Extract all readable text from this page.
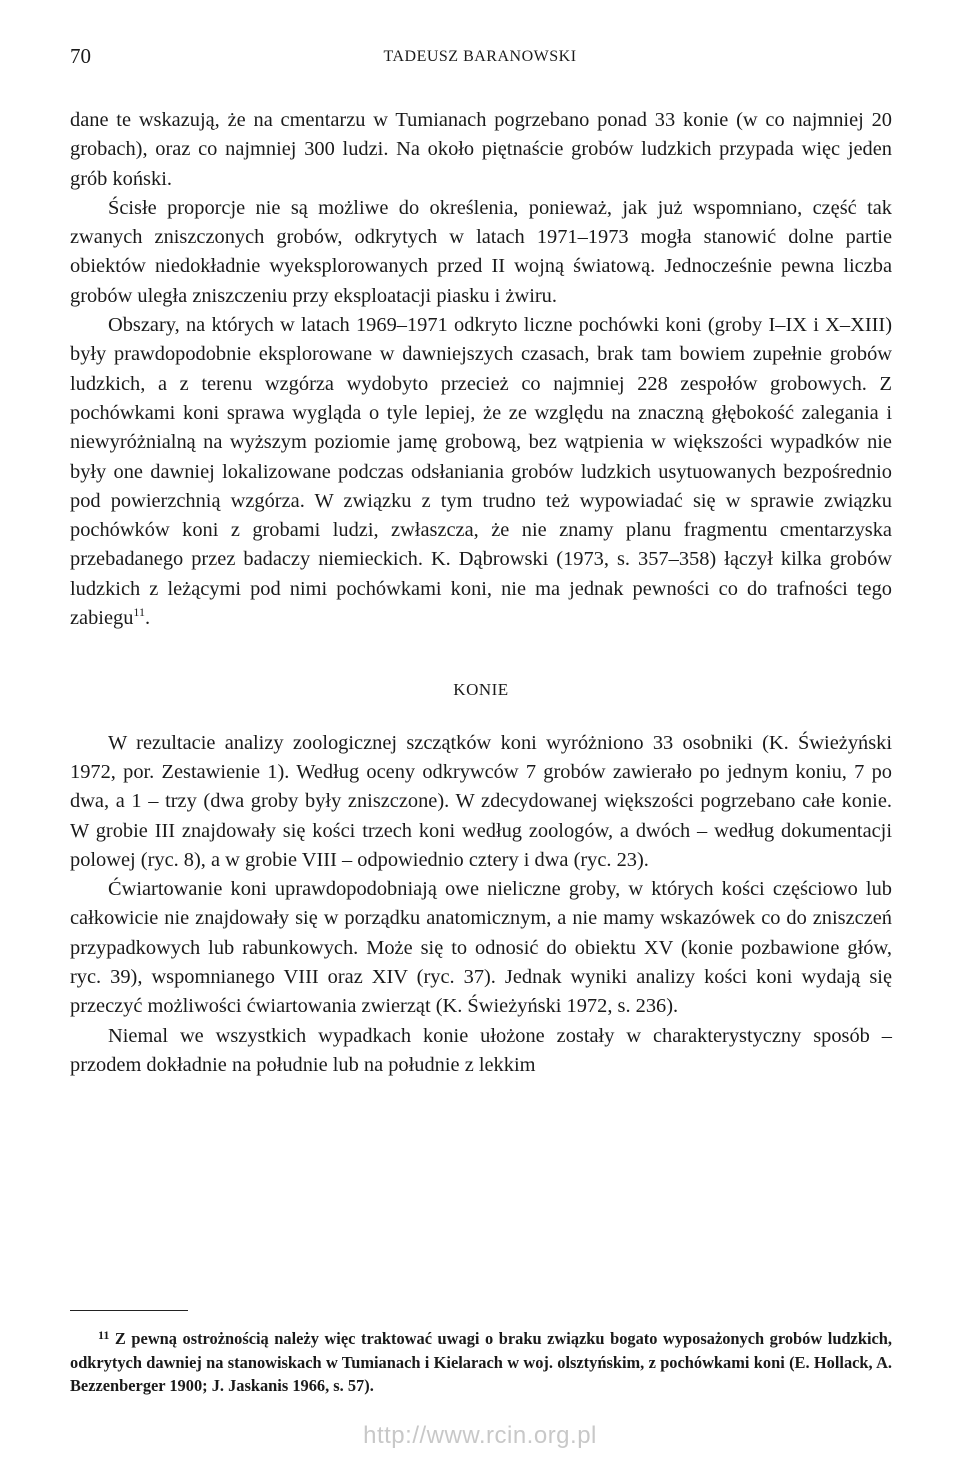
70	TADEUSZ BARANOWSKI

dane te wskazują, że na cmentarzu w Tumianach pogrzebano ponad 33 konie (w co najmniej 20 grobach), oraz co najmniej 300 ludzi. Na około piętnaście grobów ludzkich przypada więc jeden grób koński.

Ścisłe proporcje nie są możliwe do określenia, ponieważ, jak już wspomniano, część tak zwanych zniszczonych grobów, odkrytych w latach 1971–1973 mogła stanowić dolne partie obiektów niedokładnie wyeksplorowanych przed II wojną światową. Jednocześnie pewna liczba grobów uległa zniszczeniu przy eksploatacji piasku i żwiru.

Obszary, na których w latach 1969–1971 odkryto liczne pochówki koni (groby I–IX i X–XIII) były prawdopodobnie eksplorowane w dawniejszych czasach, brak tam bowiem zupełnie grobów ludzkich, a z terenu wzgórza wydobyto przecież co najmniej 228 zespołów grobowych. Z pochówkami koni sprawa wygląda o tyle lepiej, że ze względu na znaczną głębokość zalegania i niewyróżnialną na wyższym poziomie jamę grobową, bez wątpienia w większości wypadków nie były one dawniej lokalizowane podczas odsłaniania grobów ludzkich usytuowanych bezpośrednio pod powierzchnią wzgórza. W związku z tym trudno też wypowiadać się w sprawie związku pochówków koni z grobami ludzi, zwłaszcza, że nie znamy planu fragmentu cmentarzyska przebadanego przez badaczy niemieckich. K. Dąbrowski (1973, s. 357–358) łączył kilka grobów ludzkich z leżącymi pod nimi pochówkami koni, nie ma jednak pewności co do trafności tego zabiegu$^{11}$.

KONIE

W rezultacie analizy zoologicznej szczątków koni wyróżniono 33 osobniki (K. Świeżyński 1972, por. Zestawienie 1). Według oceny odkrywców 7 grobów zawierało po jednym koniu, 7 po dwa, a 1 – trzy (dwa groby były zniszczone). W zdecydowanej większości pogrzebano całe konie. W grobie III znajdowały się kości trzech koni według zoologów, a dwóch – według dokumentacji polowej (ryc. 8), a w grobie VIII – odpowiednio cztery i dwa (ryc. 23).

Ćwiartowanie koni uprawdopodobniają owe nieliczne groby, w których kości częściowo lub całkowicie nie znajdowały się w porządku anatomicznym, a nie mamy wskazówek co do zniszczeń przypadkowych lub rabunkowych. Może się to odnosić do obiektu XV (konie pozbawione głów, ryc. 39), wspomnianego VIII oraz XIV (ryc. 37). Jednak wyniki analizy kości koni wydają się przeczyć możliwości ćwiartowania zwierząt (K. Świeżyński 1972, s. 236).

Niemal we wszystkich wypadkach konie ułożone zostały w charakterystyczny sposób – przodem dokładnie na południe lub na południe z lekkim

$^{11}$ Z pewną ostrożnością należy więc traktować uwagi o braku związku bogato wyposażonych grobów ludzkich, odkrytych dawniej na stanowiskach w Tumianach i Kielarach w woj. olsztyńskim, z pochówkami koni (E. Hollack, A. Bezzenberger 1900; J. Jaskanis 1966, s. 57).
http://www.rcin.org.pl
